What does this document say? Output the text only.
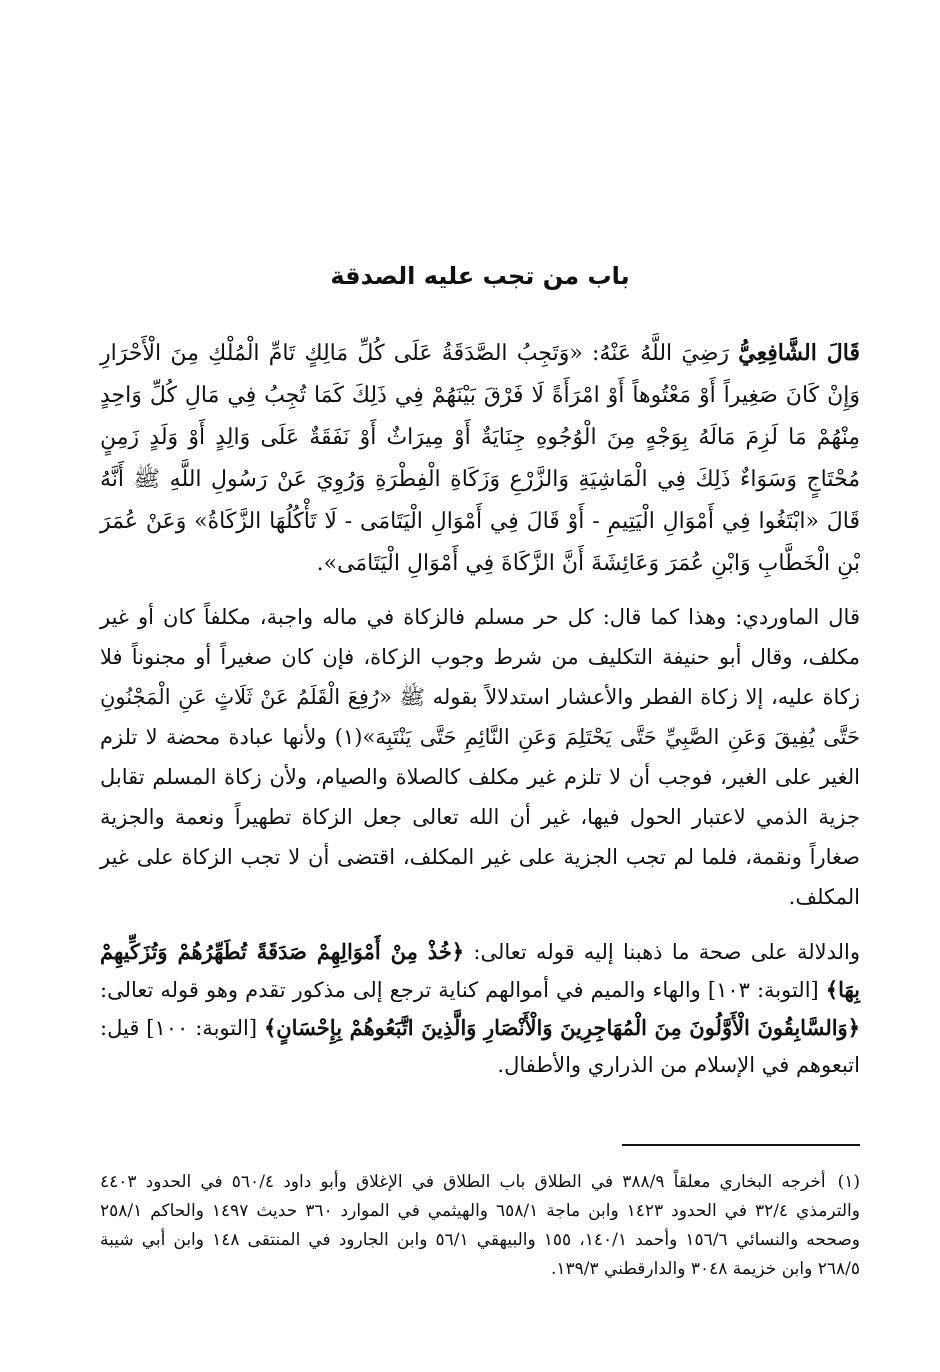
باب من تجب عليه الصدقة

قَالَ الشَّافِعِيُّ رَضِيَ اللَّهُ عَنْهُ: «وَتَجِبُ الصَّدَقَةُ عَلَى كُلِّ مَالِكٍ تَامِّ الْمُلْكِ مِنَ الْأَحْرَارِ وَإِنْ كَانَ صَغِيراً أَوْ مَعْتُوهاً أَوْ امْرَأَةً لَا فَرْقَ بَيْنَهُمْ فِي ذَلِكَ كَمَا تُجِبُ فِي مَالِ كُلِّ وَاحِدٍ مِنْهُمْ مَا لَزِمَ مَالَهُ بِوَجْهٍ مِنَ الْوُجُوهِ جِنَايَةٌ أَوْ مِيرَاثٌ أَوْ نَفَقَةٌ عَلَى وَالِدٍ أَوْ وَلَدٍ زَمِنٍ مُحْتَاجٍ وَسَوَاءٌ ذَلِكَ فِي الْمَاشِيَةِ وَالزَّرْعِ وَزَكَاةِ الْفِطْرَةِ وَرُوِيَ عَنْ رَسُولِ اللَّهِ ﷺ أَنَّهُ قَالَ «ابْتَغُوا فِي أَمْوَالِ الْيَتِيمِ - أَوْ قَالَ فِي أَمْوَالِ الْيَتَامَى - لَا تَأْكُلُهَا الزَّكَاةُ» وَعَنْ عُمَرَ بْنِ الْخَطَّابِ وَابْنِ عُمَرَ وَعَائِشَةَ أَنَّ الزَّكَاةَ فِي أَمْوَالِ الْيَتَامَى».

قال الماوردي: وهذا كما قال: كل حر مسلم فالزكاة في ماله واجبة، مكلفاً كان أو غير مكلف، وقال أبو حنيفة التكليف من شرط وجوب الزكاة، فإن كان صغيراً أو مجنوناً فلا زكاة عليه، إلا زكاة الفطر والأعشار استدلالاً بقوله ﷺ «رُفِعَ الْقَلَمُ عَنْ ثَلَاثٍ عَنِ الْمَجْنُونِ حَتَّى يُفِيقَ وَعَنِ الصَّبِيِّ حَتَّى يَحْتَلِمَ وَعَنِ النَّائِمِ حَتَّى يَنْتَبِهَ»(١) ولأنها عبادة محضة لا تلزم الغير على الغير، فوجب أن لا تلزم غير مكلف كالصلاة والصيام، ولأن زكاة المسلم تقابل جزية الذمي لاعتبار الحول فيها، غير أن الله تعالى جعل الزكاة تطهيراً ونعمة والجزية صغاراً ونقمة، فلما لم تجب الجزية على غير المكلف، اقتضى أن لا تجب الزكاة على غير المكلف.

والدلالة على صحة ما ذهبنا إليه قوله تعالى: ﴿خُذْ مِنْ أَمْوَالِهِمْ صَدَقَةً تُطَهِّرُهُمْ وَتُزَكِّيهِمْ بِهَا﴾ [التوبة: ١٠٣] والهاء والميم في أموالهم كناية ترجع إلى مذكور تقدم وهو قوله تعالى: ﴿وَالسَّابِقُونَ الْأَوَّلُونَ مِنَ الْمُهَاجِرِينَ وَالْأَنْصَارِ وَالَّذِينَ اتَّبَعُوهُمْ بِإِحْسَانٍ﴾ [التوبة: ١٠٠] قيل: اتبعوهم في الإسلام من الذراري والأطفال.

(١)أخرجه البخاري معلقاً ٣٨٨/٩ في الطلاق باب الطلاق في الإغلاق وأبو داود ٥٦٠/٤ في الحدود ٤٤٠٣ والترمذي ٣٢/٤ في الحدود ١٤٢٣ وابن ماجة ٦٥٨/١ والهيثمي في الموارد ٣٦٠ حديث ١٤٩٧ والحاكم ٢٥٨/١ وصححه والنسائي ١٥٦/٦ وأحمد ١٤٠/١، ١٥٥ والبيهقي ٥٦/١ وابن الجارود في المنتقى ١٤٨ وابن أبي شيبة ٢٦٨/٥ وابن خزيمة ٣٠٤٨ والدارقطني ١٣٩/٣.
